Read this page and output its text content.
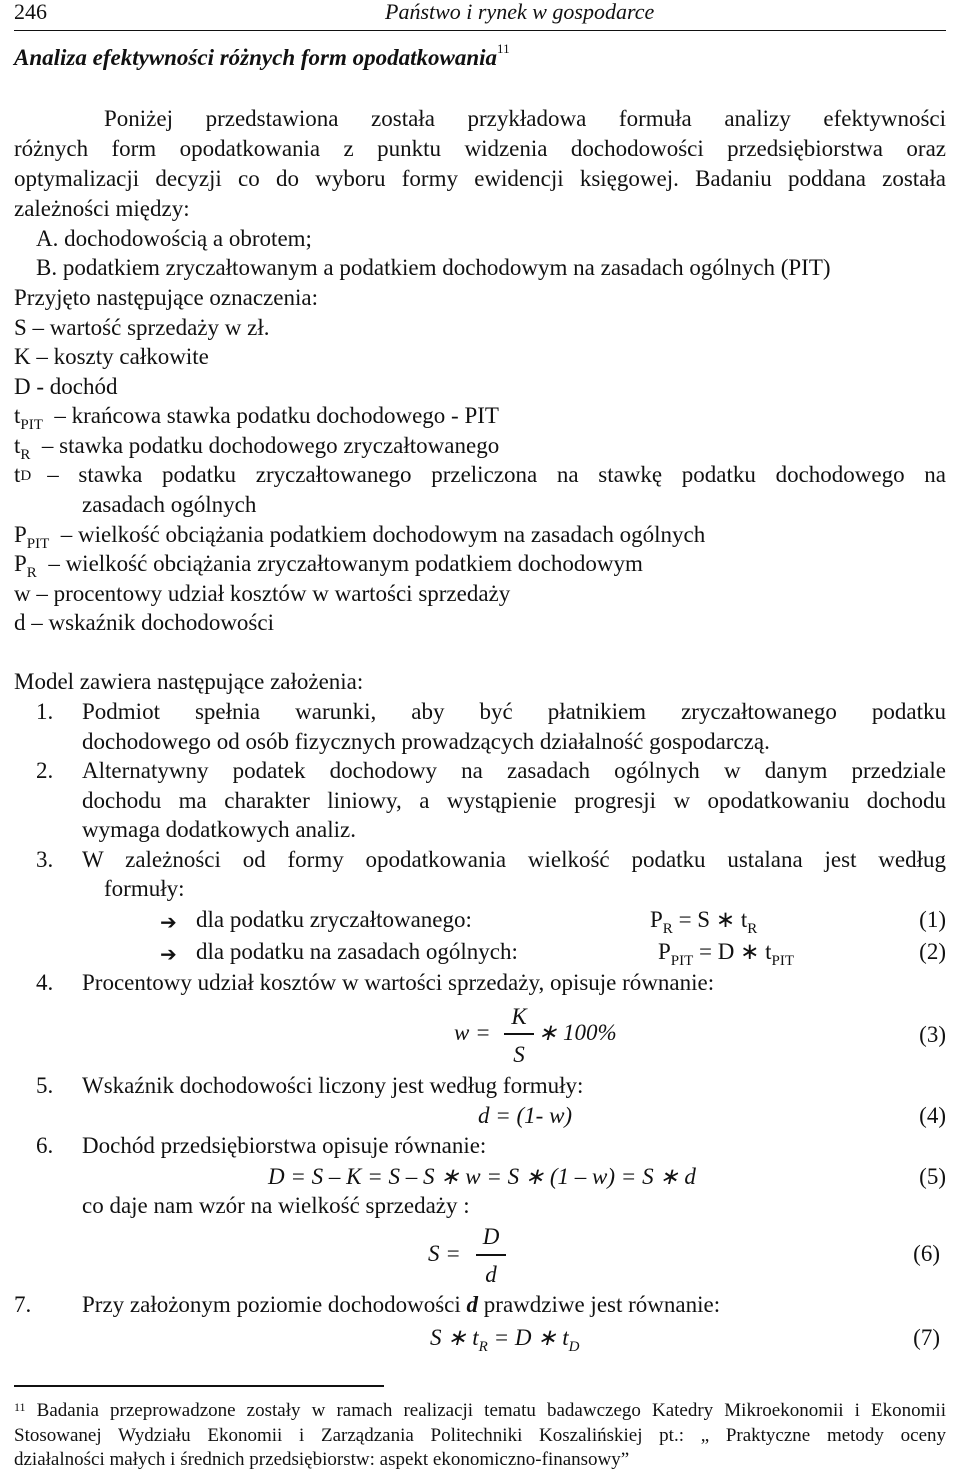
246	Państwo i rynek w gospodarce
Analiza efektywności różnych form opodatkowania$^{11}$
Poniżej przedstawiona została przykładowa formuła analizy efektywności
różnych form opodatkowania z punktu widzenia dochodowości przedsiębiorstwa oraz
optymalizacji decyzji co do wyboru formy ewidencji księgowej. Badaniu poddana została
zależności między:
A. dochodowością a obrotem;
B. podatkiem zryczałtowanym a podatkiem dochodowym na zasadach ogólnych (PIT)
Przyjęto następujące oznaczenia:
S – wartość sprzedaży w zł.
K – koszty całkowite
D - dochód
$t_{PIT}$ – krańcowa stawka podatku dochodowego - PIT
$t_R$ – stawka podatku dochodowego zryczałtowanego
t D – stawka podatku zryczałtowanego przeliczona na stawkę podatku dochodowego na
zasadach ogólnych
$P_{PIT}$ – wielkość obciążania podatkiem dochodowym na zasadach ogólnych
$P_R$ – wielkość obciążania zryczałtowanym podatkiem dochodowym
w – procentowy udział kosztów w wartości sprzedaży
d – wskaźnik dochodowości
Model zawiera następujące założenia:
1. Podmiot spełnia warunki, aby być płatnikiem zryczałtowanego podatku
dochodowego od osób fizycznych prowadzących działalność gospodarczą.
2. Alternatywny podatek dochodowy na zasadach ogólnych w danym przedziale
dochodu ma charakter liniowy, a wystąpienie progresji w opodatkowaniu dochodu
wymaga dodatkowych analiz.
3. W zależności od formy opodatkowania wielkość podatku ustalana jest według
formuły:
➔ dla podatku zryczałtowanego:	$P_R = S$ ∗ $t_R$	(1)
➔ dla podatku na zasadach ogólnych:	$P_{PIT} = D$ ∗ $t_{PIT}$	(2)
4. Procentowy udział kosztów w wartości sprzedaży, opisuje równanie:
w =
K
S
∗ 100%	(3)
5. Wskaźnik dochodowości liczony jest według formuły:
d = (1- w)	(4)
6. Dochód przedsiębiorstwa opisuje równanie:
D = S – K = S – S ∗ w = S ∗ (1 – w) = S ∗ d	(5)
co daje nam wzór na wielkość sprzedaży :
S =
D
d
(6)
7. Przy założonym poziomie dochodowości d prawdziwe jest równanie:
S ∗ $t_R = D$ ∗ $t_D$	(7)
$^{11}$ Badania przeprowadzone zostały w ramach realizacji tematu badawczego Katedry Mikroekonomii i Ekonomii
Stosowanej Wydziału Ekonomii i Zarządzania Politechniki Koszalińskiej pt.: „ Praktyczne metody oceny
działalności małych i średnich przedsiębiorstw: aspekt ekonomiczno-finansowy”
